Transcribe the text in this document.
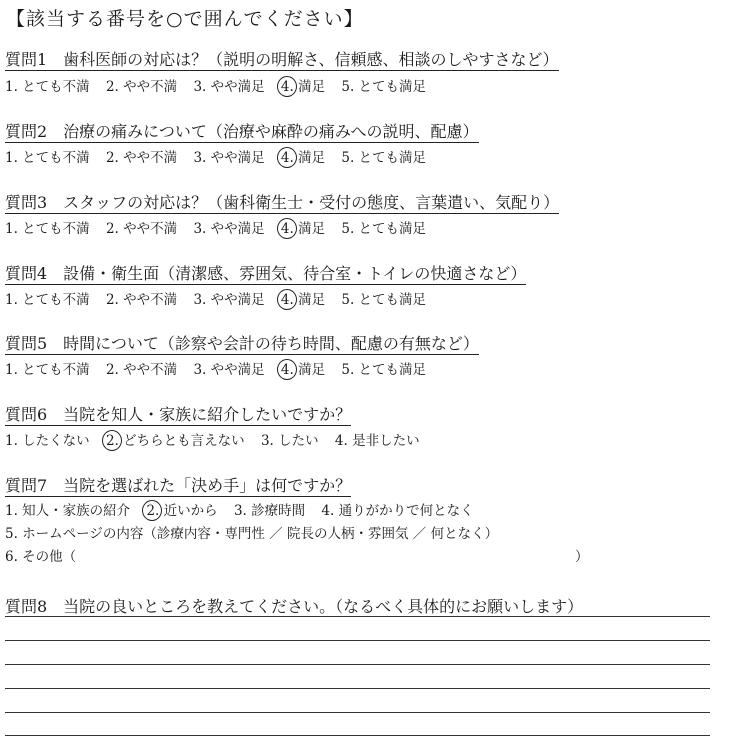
【該当する番号を○で囲んでください】
質問1　歯科医師の対応は？（説明の明解さ、信頼感、相談のしやすさなど）
1. とても不満 2. やや不満 3. やや満足 4. 満足 5. とても満足
質問2　治療の痛みについて（治療や麻酔の痛みへの説明、配慮）
1. とても不満 2. やや不満 3. やや満足 4. 満足 5. とても満足
質問3　スタッフの対応は？（歯科衛生士・受付の態度、言葉遣い、気配り）
1. とても不満 2. やや不満 3. やや満足 4. 満足 5. とても満足
質問4　設備・衛生面（清潔感、雰囲気、待合室・トイレの快適さなど）
1. とても不満 2. やや不満 3. やや満足 4. 満足 5. とても満足
質問5　時間について（診察や会計の待ち時間、配慮の有無など）
1. とても不満 2. やや不満 3. やや満足 4. 満足 5. とても満足
質問6　当院を知人・家族に紹介したいですか？
1. したくない 2. どちらとも言えない 3. したい 4. 是非したい
質問7　当院を選ばれた「決め手」は何ですか？
1. 知人・家族の紹介 2. 近いから 3. 診療時間 4. 通りがかりで何となく
5. ホームページの内容（診療内容・専門性 ／ 院長の人柄・雰囲気 ／ 何となく）
6. その他（	）
質問8　当院の良いところを教えてください。（なるべく具体的にお願いします）
